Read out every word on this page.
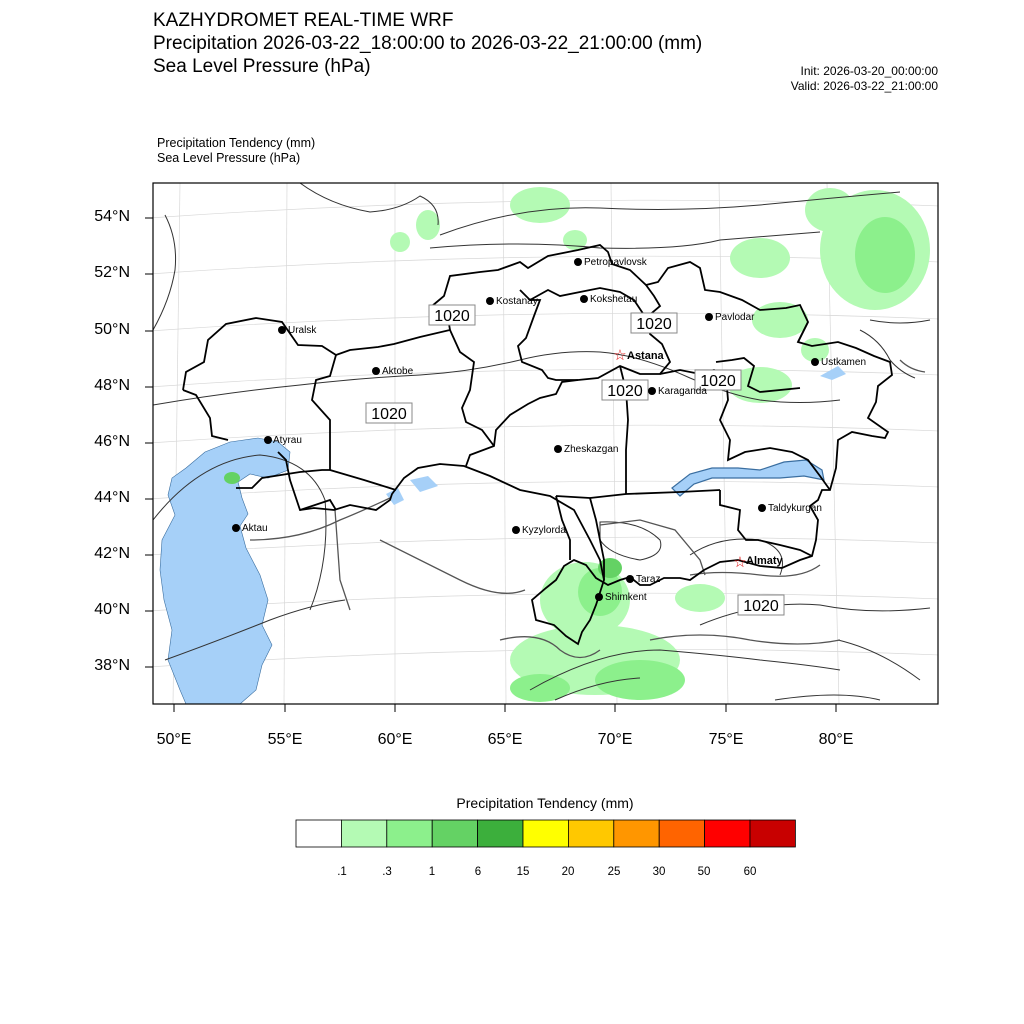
KAZHYDROMET REAL-TIME WRF
Precipitation 2026-03-22_18:00:00 to 2026-03-22_21:00:00 (mm)
Sea Level Pressure (hPa)	Init: 2026-03-20_00:00:00
Valid: 2026-03-22_21:00:00
Precipitation Tendency (mm)
Sea Level Pressure (hPa)
1020	1020
1020
1020
1020
1020
Petropavlovsk
Kostanay	Kokshetau
Uralsk
Pavlodar
☆ Astana
Aktobe
Ustkamen
Karaganda
Atyrau
Zheskazgan
Aktau	Kyzylorda
Taldykurgan
☆ Almaty
Taraz
Shimkent
54°N
52°N
50°N
48°N
46°N
44°N
42°N
40°N
38°N
50°E	55°E	60°E	65°E	70°E	75°E	80°E
Precipitation Tendency (mm)
.1	.3	1	6	15	20	25	30	50	60
